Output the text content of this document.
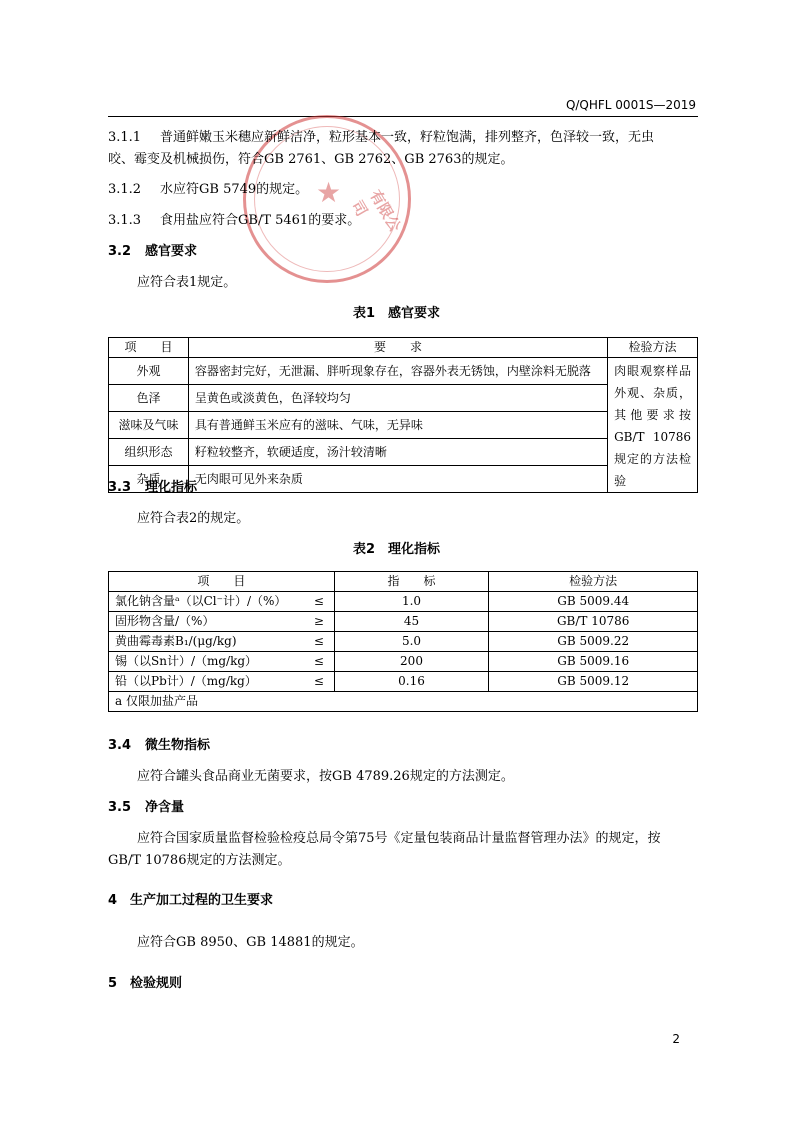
Q/QHFL 0001S—2019
★	有限公司
3.1.1 普通鲜嫩玉米穗应新鲜洁净，粒形基本一致，籽粒饱满，排列整齐，色泽较一致，无虫
咬、霉变及机械损伤，符合GB 2761、GB 2762、GB 2763的规定。
3.1.2 水应符GB 5749的规定。
3.1.3 食用盐应符合GB/T 5461的要求。
3.2 感官要求
应符合表1规定。
表1　感官要求
项　　目	要　　求	检验方法
外观	容器密封完好，无泄漏、胖听现象存在，容器外表无锈蚀，内壁涂料无脱落	肉眼观察样品外观、杂质，其他要求按GB/T 10786规定的方法检验
色泽	呈黄色或淡黄色，色泽较均匀	
滋味及气味	具有普通鲜玉米应有的滋味、气味，无异味	
组织形态	籽粒较整齐，软硬适度，汤汁较清晰	
杂质	无肉眼可见外来杂质	
3.3 理化指标
应符合表2的规定。
表2　理化指标
项　　目		指　　标	检验方法
氯化钠含量ᵃ（以Cl⁻计）/（%）	≤	1.0	GB 5009.44
固形物含量/（%）	≥	45	GB/T 10786
黄曲霉毒素B₁/(μg/kg)	≤	5.0	GB 5009.22
锡（以Sn计）/（mg/kg）	≤	200	GB 5009.16
铅（以Pb计）/（mg/kg）	≤	0.16	GB 5009.12
a 仅限加盐产品			
3.4 微生物指标
应符合罐头食品商业无菌要求，按GB 4789.26规定的方法测定。
3.5 净含量
应符合国家质量监督检验检疫总局令第75号《定量包装商品计量监督管理办法》的规定，按
GB/T 10786规定的方法测定。
4 生产加工过程的卫生要求
应符合GB 8950、GB 14881的规定。
5 检验规则
2
